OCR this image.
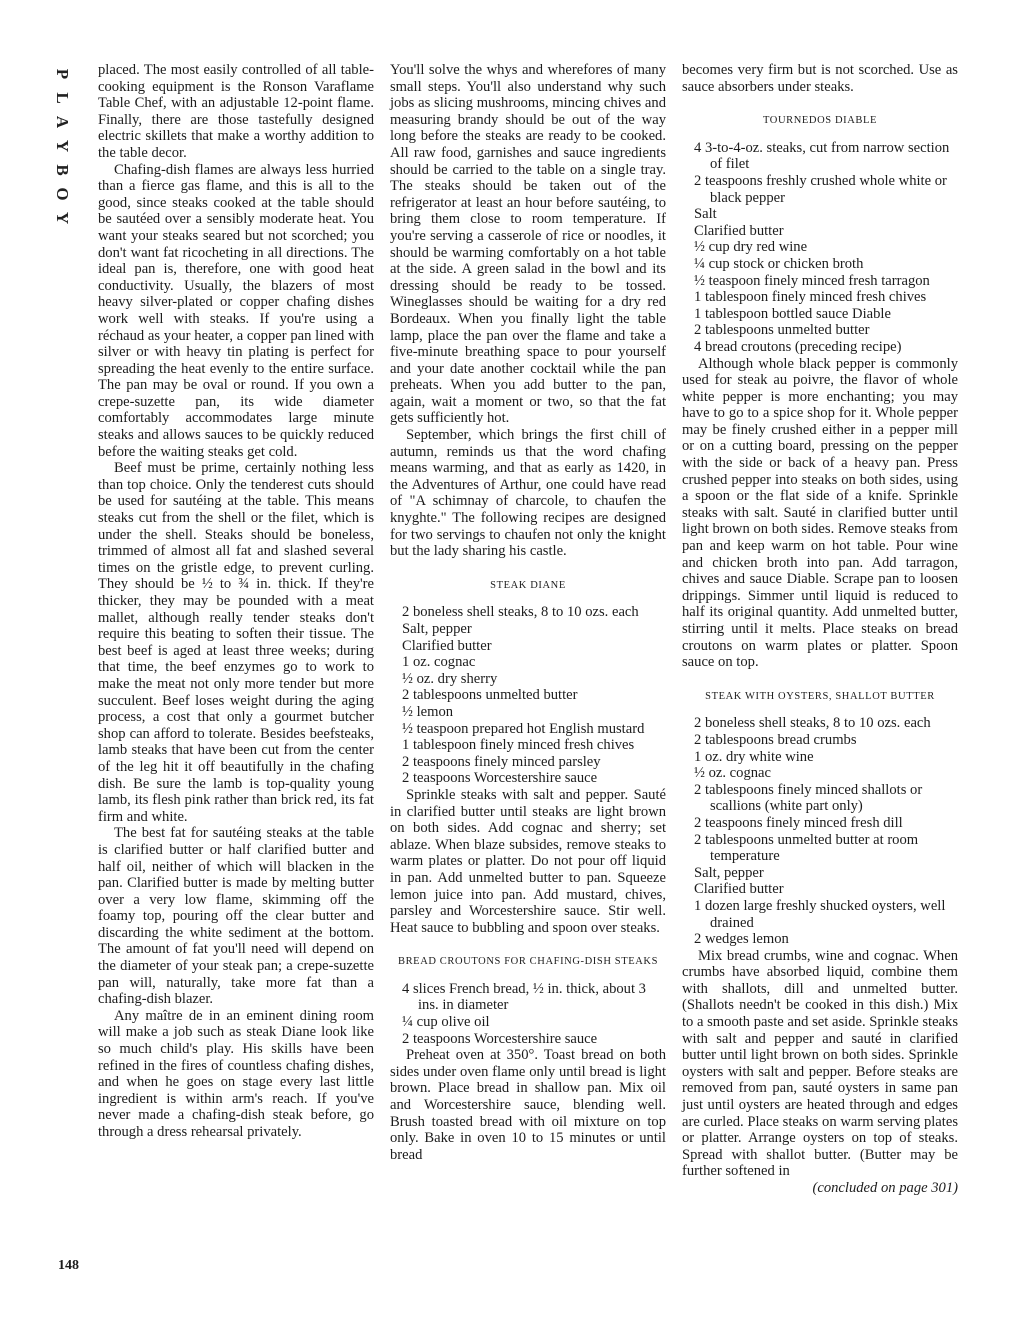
P
L
A
Y
B
O
Y
148

placed. The most easily controlled of all table-cooking equipment is the Ronson Varaflame Table Chef, with an adjustable 12-point flame. Finally, there are those tastefully designed electric skillets that make a worthy addition to the table decor.

Chafing-dish flames are always less hurried than a fierce gas flame, and this is all to the good, since steaks cooked at the table should be sautéed over a sensibly moderate heat. You want your steaks seared but not scorched; you don't want fat ricocheting in all directions. The ideal pan is, therefore, one with good heat conductivity. Usually, the blazers of most heavy silver-plated or copper chafing dishes work well with steaks. If you're using a réchaud as your heater, a copper pan lined with silver or with heavy tin plating is perfect for spreading the heat evenly to the entire surface. The pan may be oval or round. If you own a crepe-suzette pan, its wide diameter comfortably accommodates large minute steaks and allows sauces to be quickly reduced before the waiting steaks get cold.

Beef must be prime, certainly nothing less than top choice. Only the tenderest cuts should be used for sautéing at the table. This means steaks cut from the shell or the filet, which is under the shell. Steaks should be boneless, trimmed of almost all fat and slashed several times on the gristle edge, to prevent curling. They should be ½ to ¾ in. thick. If they're thicker, they may be pounded with a meat mallet, although really tender steaks don't require this beating to soften their tissue. The best beef is aged at least three weeks; during that time, the beef enzymes go to work to make the meat not only more tender but more succulent. Beef loses weight during the aging process, a cost that only a gourmet butcher shop can afford to tolerate. Besides beefsteaks, lamb steaks that have been cut from the center of the leg hit it off beautifully in the chafing dish. Be sure the lamb is top-quality young lamb, its flesh pink rather than brick red, its fat firm and white.

The best fat for sautéing steaks at the table is clarified butter or half clarified butter and half oil, neither of which will blacken in the pan. Clarified butter is made by melting butter over a very low flame, skimming off the foamy top, pouring off the clear butter and discarding the white sediment at the bottom. The amount of fat you'll need will depend on the diameter of your steak pan; a crepe-suzette pan will, naturally, take more fat than a chafing-dish blazer.

Any maître de in an eminent dining room will make a job such as steak Diane look like so much child's play. His skills have been refined in the fires of countless chafing dishes, and when he goes on stage every last little ingredient is within arm's reach. If you've never made a chafing-dish steak before, go through a dress rehearsal privately.

You'll solve the whys and wherefores of many small steps. You'll also understand why such jobs as slicing mushrooms, mincing chives and measuring brandy should be out of the way long before the steaks are ready to be cooked. All raw food, garnishes and sauce ingredients should be carried to the table on a single tray. The steaks should be taken out of the refrigerator at least an hour before sautéing, to bring them close to room temperature. If you're serving a casserole of rice or noodles, it should be warming comfortably on a hot table at the side. A green salad in the bowl and its dressing should be ready to be tossed. Wineglasses should be waiting for a dry red Bordeaux. When you finally light the table lamp, place the pan over the flame and take a five-minute breathing space to pour yourself and your date another cocktail while the pan preheats. When you add butter to the pan, again, wait a moment or two, so that the fat gets sufficiently hot.

September, which brings the first chill of autumn, reminds us that the word chafing means warming, and that as early as 1420, in the Adventures of Arthur, one could have read of "A schimnay of charcole, to chaufen the knyghte." The following recipes are designed for two servings to chaufen not only the knight but the lady sharing his castle.

STEAK DIANE
2 boneless shell steaks, 8 to 10 ozs. each
Salt, pepper
Clarified butter
1 oz. cognac
½ oz. dry sherry
2 tablespoons unmelted butter
½ lemon
½ teaspoon prepared hot English mustard
1 tablespoon finely minced fresh chives
2 teaspoons finely minced parsley
2 teaspoons Worcestershire sauce

Sprinkle steaks with salt and pepper. Sauté in clarified butter until steaks are light brown on both sides. Add cognac and sherry; set ablaze. When blaze subsides, remove steaks to warm plates or platter. Do not pour off liquid in pan. Add unmelted butter to pan. Squeeze lemon juice into pan. Add mustard, chives, parsley and Worcestershire sauce. Stir well. Heat sauce to bubbling and spoon over steaks.

BREAD CROUTONS FOR CHAFING-DISH STEAKS
4 slices French bread, ½ in. thick, about 3 ins. in diameter
¼ cup olive oil
2 teaspoons Worcestershire sauce

Preheat oven at 350°. Toast bread on both sides under oven flame only until bread is light brown. Place bread in shallow pan. Mix oil and Worcestershire sauce, blending well. Brush toasted bread with oil mixture on top only. Bake in oven 10 to 15 minutes or until bread

becomes very firm but is not scorched. Use as sauce absorbers under steaks.

TOURNEDOS DIABLE
4 3-to-4-oz. steaks, cut from narrow section of filet
2 teaspoons freshly crushed whole white or black pepper
Salt
Clarified butter
½ cup dry red wine
¼ cup stock or chicken broth
½ teaspoon finely minced fresh tarragon
1 tablespoon finely minced fresh chives
1 tablespoon bottled sauce Diable
2 tablespoons unmelted butter
4 bread croutons (preceding recipe)

Although whole black pepper is commonly used for steak au poivre, the flavor of whole white pepper is more enchanting; you may have to go to a spice shop for it. Whole pepper may be finely crushed either in a pepper mill or on a cutting board, pressing on the pepper with the side or back of a heavy pan. Press crushed pepper into steaks on both sides, using a spoon or the flat side of a knife. Sprinkle steaks with salt. Sauté in clarified butter until light brown on both sides. Remove steaks from pan and keep warm on hot table. Pour wine and chicken broth into pan. Add tarragon, chives and sauce Diable. Scrape pan to loosen drippings. Simmer until liquid is reduced to half its original quantity. Add unmelted butter, stirring until it melts. Place steaks on bread croutons on warm plates or platter. Spoon sauce on top.

STEAK WITH OYSTERS, SHALLOT BUTTER
2 boneless shell steaks, 8 to 10 ozs. each
2 tablespoons bread crumbs
1 oz. dry white wine
½ oz. cognac
2 tablespoons finely minced shallots or scallions (white part only)
2 teaspoons finely minced fresh dill
2 tablespoons unmelted butter at room temperature
Salt, pepper
Clarified butter
1 dozen large freshly shucked oysters, well drained
2 wedges lemon

Mix bread crumbs, wine and cognac. When crumbs have absorbed liquid, combine them with shallots, dill and unmelted butter. (Shallots needn't be cooked in this dish.) Mix to a smooth paste and set aside. Sprinkle steaks with salt and pepper and sauté in clarified butter until light brown on both sides. Sprinkle oysters with salt and pepper. Before steaks are removed from pan, sauté oysters in same pan just until oysters are heated through and edges are curled. Place steaks on warm serving plates or platter. Arrange oysters on top of steaks. Spread with shallot butter. (Butter may be further softened in

(concluded on page 301)
